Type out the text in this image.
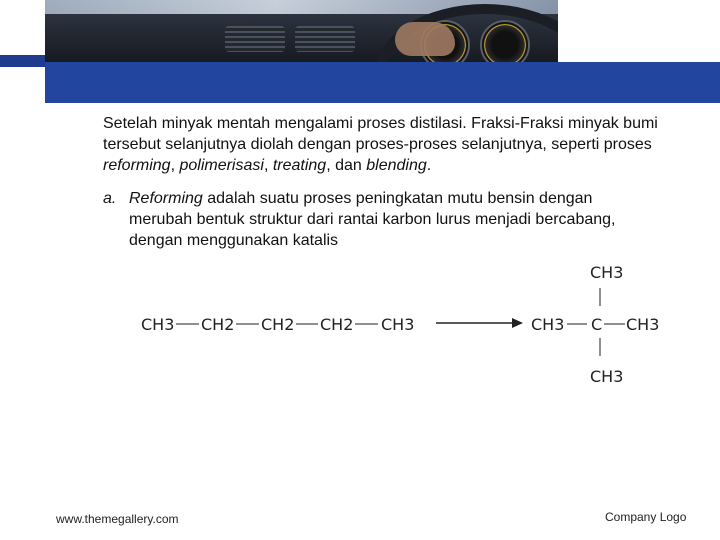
Logo

Setelah minyak mentah mengalami proses distilasi. Fraksi-Fraksi minyak bumi tersebut selanjutnya diolah dengan proses-proses selanjutnya, seperti proses reforming, polimerisasi, treating, dan blending.

a. Reforming adalah suatu proses peningkatan mutu bensin dengan
merubah bentuk struktur dari rantai karbon lurus menjadi bercabang,
dengan menggunakan katalis
CH3 CH2 CH2 CH2 CH3
CH3
CH3 C CH3
CH3
www.themegallery.com	Company Logo
